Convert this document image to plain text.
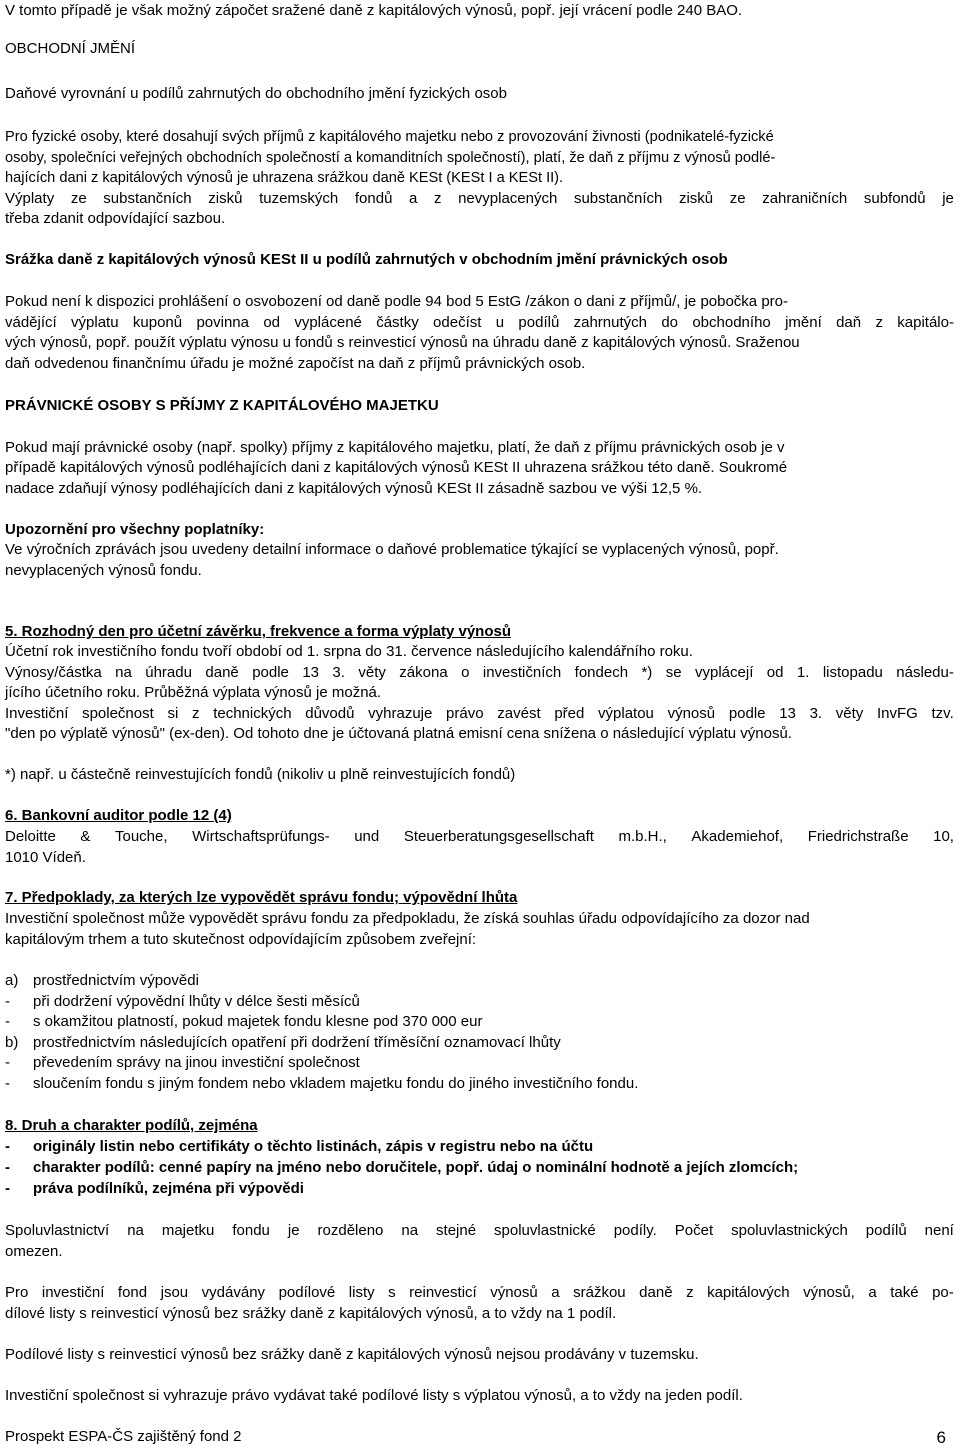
V tomto případě je však možný zápočet sražené daně z kapitálových výnosů, popř. její vrácení podle 240 BAO.
OBCHODNÍ JMĚNÍ
Daňové vyrovnání u podílů zahrnutých do obchodního jmění fyzických osob
Pro fyzické osoby, které dosahují svých příjmů z kapitálového majetku nebo z provozování živnosti (podnikatelé-fyzické
osoby, společníci veřejných obchodních společností a komanditních společností), platí, že daň z příjmu z výnosů podlé-
hajících dani z kapitálových výnosů je uhrazena srážkou daně KESt (KESt I a KESt II).
Výplaty ze substančních zisků tuzemských fondů a z nevyplacených substančních zisků ze zahraničních subfondů je
třeba zdanit odpovídající sazbou.
Srážka daně z kapitálových výnosů KESt II u podílů zahrnutých v obchodním jmění právnických osob
Pokud není k dispozici prohlášení o osvobození od daně podle 94 bod 5 EstG /zákon o dani z příjmů/, je pobočka pro-
vádějící výplatu kuponů povinna od vyplácené částky odečíst u podílů zahrnutých do obchodního jmění daň z kapitálo-
vých výnosů, popř. použít výplatu výnosu u fondů s reinvesticí výnosů na úhradu daně z kapitálových výnosů. Sraženou
daň odvedenou finančnímu úřadu je možné započíst na daň z příjmů právnických osob.
PRÁVNICKÉ OSOBY S PŘÍJMY Z KAPITÁLOVÉHO MAJETKU
Pokud mají právnické osoby (např. spolky) příjmy z kapitálového majetku, platí, že daň z příjmu právnických osob je v
případě kapitálových výnosů podléhajících dani z kapitálových výnosů KESt II uhrazena srážkou této daně. Soukromé
nadace zdaňují výnosy podléhajících dani z kapitálových výnosů KESt II zásadně sazbou ve výši 12,5 %.
Upozornění pro všechny poplatníky:
Ve výročních zprávách jsou uvedeny detailní informace o daňové problematice týkající se vyplacených výnosů, popř.
nevyplacených výnosů fondu.
5. Rozhodný den pro účetní závěrku, frekvence a forma výplaty výnosů
Účetní rok investičního fondu tvoří období od 1. srpna do 31. července následujícího kalendářního roku.
Výnosy/částka na úhradu daně podle 13 3. věty zákona o investičních fondech *) se vyplácejí od 1. listopadu následu-
jícího účetního roku. Průběžná výplata výnosů je možná.
Investiční společnost si z technických důvodů vyhrazuje právo zavést před výplatou výnosů podle 13 3. věty InvFG tzv.
"den po výplatě výnosů" (ex-den). Od tohoto dne je účtovaná platná emisní cena snížena o následující výplatu výnosů.
*) např. u částečně reinvestujících fondů (nikoliv u plně reinvestujících fondů)
6. Bankovní auditor podle 12 (4)
Deloitte & Touche, Wirtschaftsprüfungs- und Steuerberatungsgesellschaft m.b.H., Akademiehof, Friedrichstraße 10,
1010 Vídeň.
7. Předpoklady, za kterých lze vypovědět správu fondu; výpovědní lhůta
Investiční společnost může vypovědět správu fondu za předpokladu, že získá souhlas úřadu odpovídajícího za dozor nad
kapitálovým trhem a tuto skutečnost odpovídajícím způsobem zveřejní:
a) prostřednictvím výpovědi
-	při dodržení výpovědní lhůty v délce šesti měsíců
-	s okamžitou platností, pokud majetek fondu klesne pod 370 000 eur
b) prostřednictvím následujících opatření při dodržení tříměsíční oznamovací lhůty
-	převedením správy na jinou investiční společnost
-	sloučením fondu s jiným fondem nebo vkladem majetku fondu do jiného investičního fondu.
8. Druh a charakter podílů, zejména
-	originály listin nebo certifikáty o těchto listinách, zápis v registru nebo na účtu
-	charakter podílů: cenné papíry na jméno nebo doručitele, popř. údaj o nominální hodnotě a jejích zlomcích;
-	práva podílníků, zejména při výpovědi
Spoluvlastnictví na majetku fondu je rozděleno na stejné spoluvlastnické podíly. Počet spoluvlastnických podílů není
omezen.
Pro investiční fond jsou vydávány podílové listy s reinvesticí výnosů a srážkou daně z kapitálových výnosů, a také po-
dílové listy s reinvesticí výnosů bez srážky daně z kapitálových výnosů, a to vždy na 1 podíl.
Podílové listy s reinvesticí výnosů bez srážky daně z kapitálových výnosů nejsou prodávány v tuzemsku.
Investiční společnost si vyhrazuje právo vydávat také podílové listy s výplatou výnosů, a to vždy na jeden podíl.
Prospekt ESPA-ČS zajištěný fond 2	6
